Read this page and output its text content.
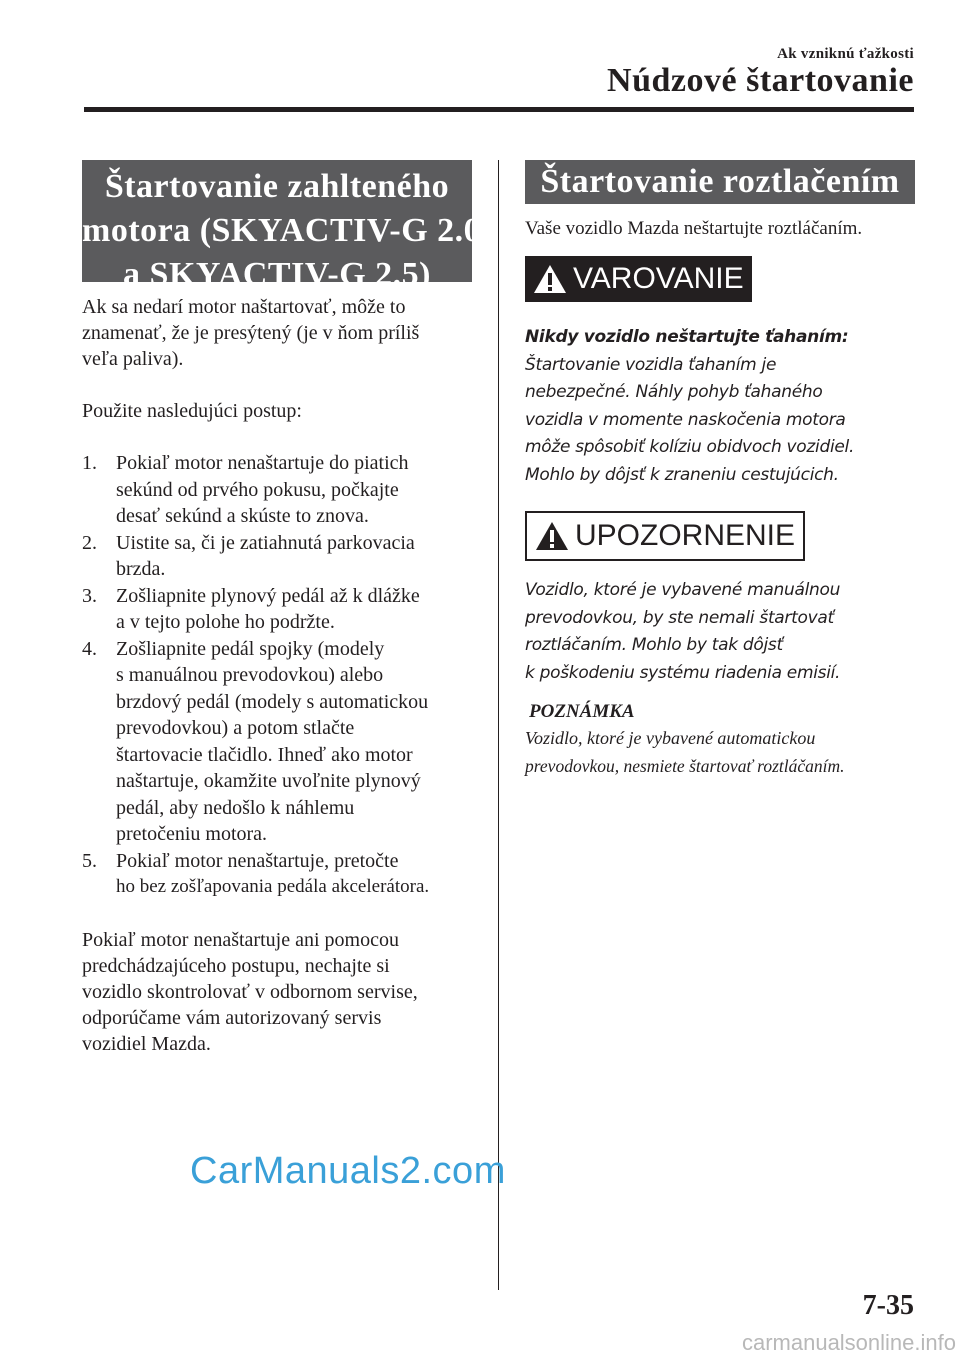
Ak vzniknú ťažkosti
Núdzové štartovanie
Štartovanie zahlteného
motora (SKYACTIV-G 2.0
a SKYACTIV-G 2.5)

Ak sa nedarí motor naštartovať, môže to

znamenať, že je presýtený (je v ňom príliš

veľa paliva).

Použite nasledujúci postup:

1. Pokiaľ motor nenaštartuje do piatich
sekúnd od prvého pokusu, počkajte
desať sekúnd a skúste to znova.
2. Uistite sa, či je zatiahnutá parkovacia
brzda.
3. Zošliapnite plynový pedál až k dlážke
a v tejto polohe ho podržte.
4. Zošliapnite pedál spojky (modely
s manuálnou prevodovkou) alebo
brzdový pedál (modely s automatickou
prevodovkou) a potom stlačte
štartovacie tlačidlo. Ihneď ako motor
naštartuje, okamžite uvoľnite plynový
pedál, aby nedošlo k náhlemu
pretočeniu motora.
5. Pokiaľ motor nenaštartuje, pretočte
ho bez zošľapovania pedála akcelerátora.

Pokiaľ motor nenaštartuje ani pomocou

predchádzajúceho postupu, nechajte si

vozidlo skontrolovať v odbornom servise,

odporúčame vám autorizovaný servis

vozidiel Mazda.

Štartovanie roztlačením

Vaše vozidlo Mazda neštartujte roztláčaním.

VAROVANIE

Nikdy vozidlo neštartujte ťahaním:

Štartovanie vozidla ťahaním je

nebezpečné. Náhly pohyb ťahaného

vozidla v momente naskočenia motora

môže spôsobiť kolíziu obidvoch vozidiel.

Mohlo by dôjsť k zraneniu cestujúcich.

UPOZORNENIE

Vozidlo, ktoré je vybavené manuálnou

prevodovkou, by ste nemali štartovať

roztláčaním. Mohlo by tak dôjsť

k poškodeniu systému riadenia emisií.

POZNÁMKA

Vozidlo, ktoré je vybavené automatickou

prevodovkou, nesmiete štartovať roztláčaním.

CarManuals2.com
7-35
carmanualsonline.info
